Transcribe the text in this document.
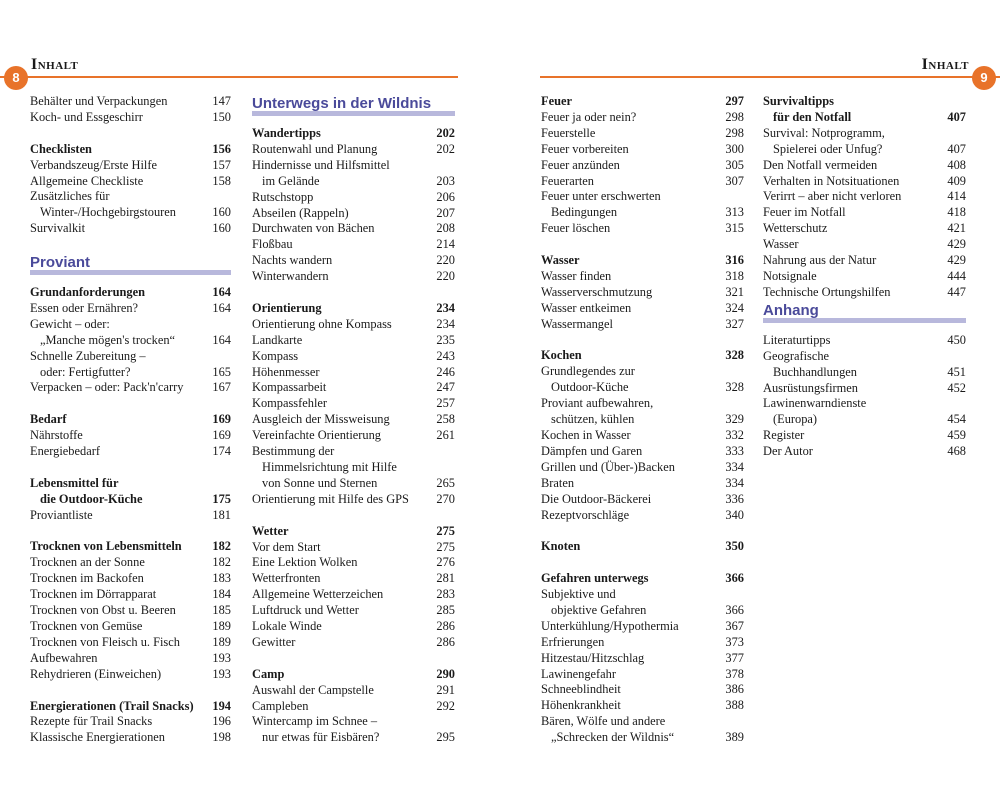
8
Inhalt	Inhalt
9
Behälter und Verpackungen	147
Koch- und Essgeschirr	150
Checklisten	156
Verbandszeug/Erste Hilfe	157
Allgemeine Checkliste	158
Zusätzliches für
Winter-/Hochgebirgstouren	160
Survivalkit	160
Proviant
Grundanforderungen	164
Essen oder Ernähren?	164
Gewicht – oder:
„Manche mögen's trocken“	164
Schnelle Zubereitung –
oder: Fertigfutter?	165
Verpacken – oder: Pack'n'carry	167
Bedarf	169
Nährstoffe	169
Energiebedarf	174
Lebensmittel für
die Outdoor-Küche	175
Proviantliste	181
Trocknen von Lebensmitteln	182
Trocknen an der Sonne	182
Trocknen im Backofen	183
Trocknen im Dörrapparat	184
Trocknen von Obst u. Beeren	185
Trocknen von Gemüse	189
Trocknen von Fleisch u. Fisch	189
Aufbewahren	193
Rehydrieren (Einweichen)	193
Energierationen (Trail Snacks)	194
Rezepte für Trail Snacks	196
Klassische Energierationen	198
Unterwegs in der Wildnis
Wandertipps	202
Routenwahl und Planung	202
Hindernisse und Hilfsmittel
im Gelände	203
Rutschstopp	206
Abseilen (Rappeln)	207
Durchwaten von Bächen	208
Floßbau	214
Nachts wandern	220
Winterwandern	220
Orientierung	234
Orientierung ohne Kompass	234
Landkarte	235
Kompass	243
Höhenmesser	246
Kompassarbeit	247
Kompassfehler	257
Ausgleich der Missweisung	258
Vereinfachte Orientierung	261
Bestimmung der
Himmelsrichtung mit Hilfe
von Sonne und Sternen	265
Orientierung mit Hilfe des GPS	270
Wetter	275
Vor dem Start	275
Eine Lektion Wolken	276
Wetterfronten	281
Allgemeine Wetterzeichen	283
Luftdruck und Wetter	285
Lokale Winde	286
Gewitter	286
Camp	290
Auswahl der Campstelle	291
Campleben	292
Wintercamp im Schnee –
nur etwas für Eisbären?	295
Feuer	297
Feuer ja oder nein?	298
Feuerstelle	298
Feuer vorbereiten	300
Feuer anzünden	305
Feuerarten	307
Feuer unter erschwerten
Bedingungen	313
Feuer löschen	315
Wasser	316
Wasser finden	318
Wasserverschmutzung	321
Wasser entkeimen	324
Wassermangel	327
Kochen	328
Grundlegendes zur
Outdoor-Küche	328
Proviant aufbewahren,
schützen, kühlen	329
Kochen in Wasser	332
Dämpfen und Garen	333
Grillen und (Über-)Backen	334
Braten	334
Die Outdoor-Bäckerei	336
Rezeptvorschläge	340
Knoten	350
Gefahren unterwegs	366
Subjektive und
objektive Gefahren	366
Unterkühlung/Hypothermia	367
Erfrierungen	373
Hitzestau/Hitzschlag	377
Lawinengefahr	378
Schneeblindheit	386
Höhenkrankheit	388
Bären, Wölfe und andere
„Schrecken der Wildnis“	389
Survivaltipps
für den Notfall	407
Survival: Notprogramm,
Spielerei oder Unfug?	407
Den Notfall vermeiden	408
Verhalten in Notsituationen	409
Verirrt – aber nicht verloren	414
Feuer im Notfall	418
Wetterschutz	421
Wasser	429
Nahrung aus der Natur	429
Notsignale	444
Technische Ortungshilfen	447
Anhang
Literaturtipps	450
Geografische
Buchhandlungen	451
Ausrüstungsfirmen	452
Lawinenwarndienste
(Europa)	454
Register	459
Der Autor	468
